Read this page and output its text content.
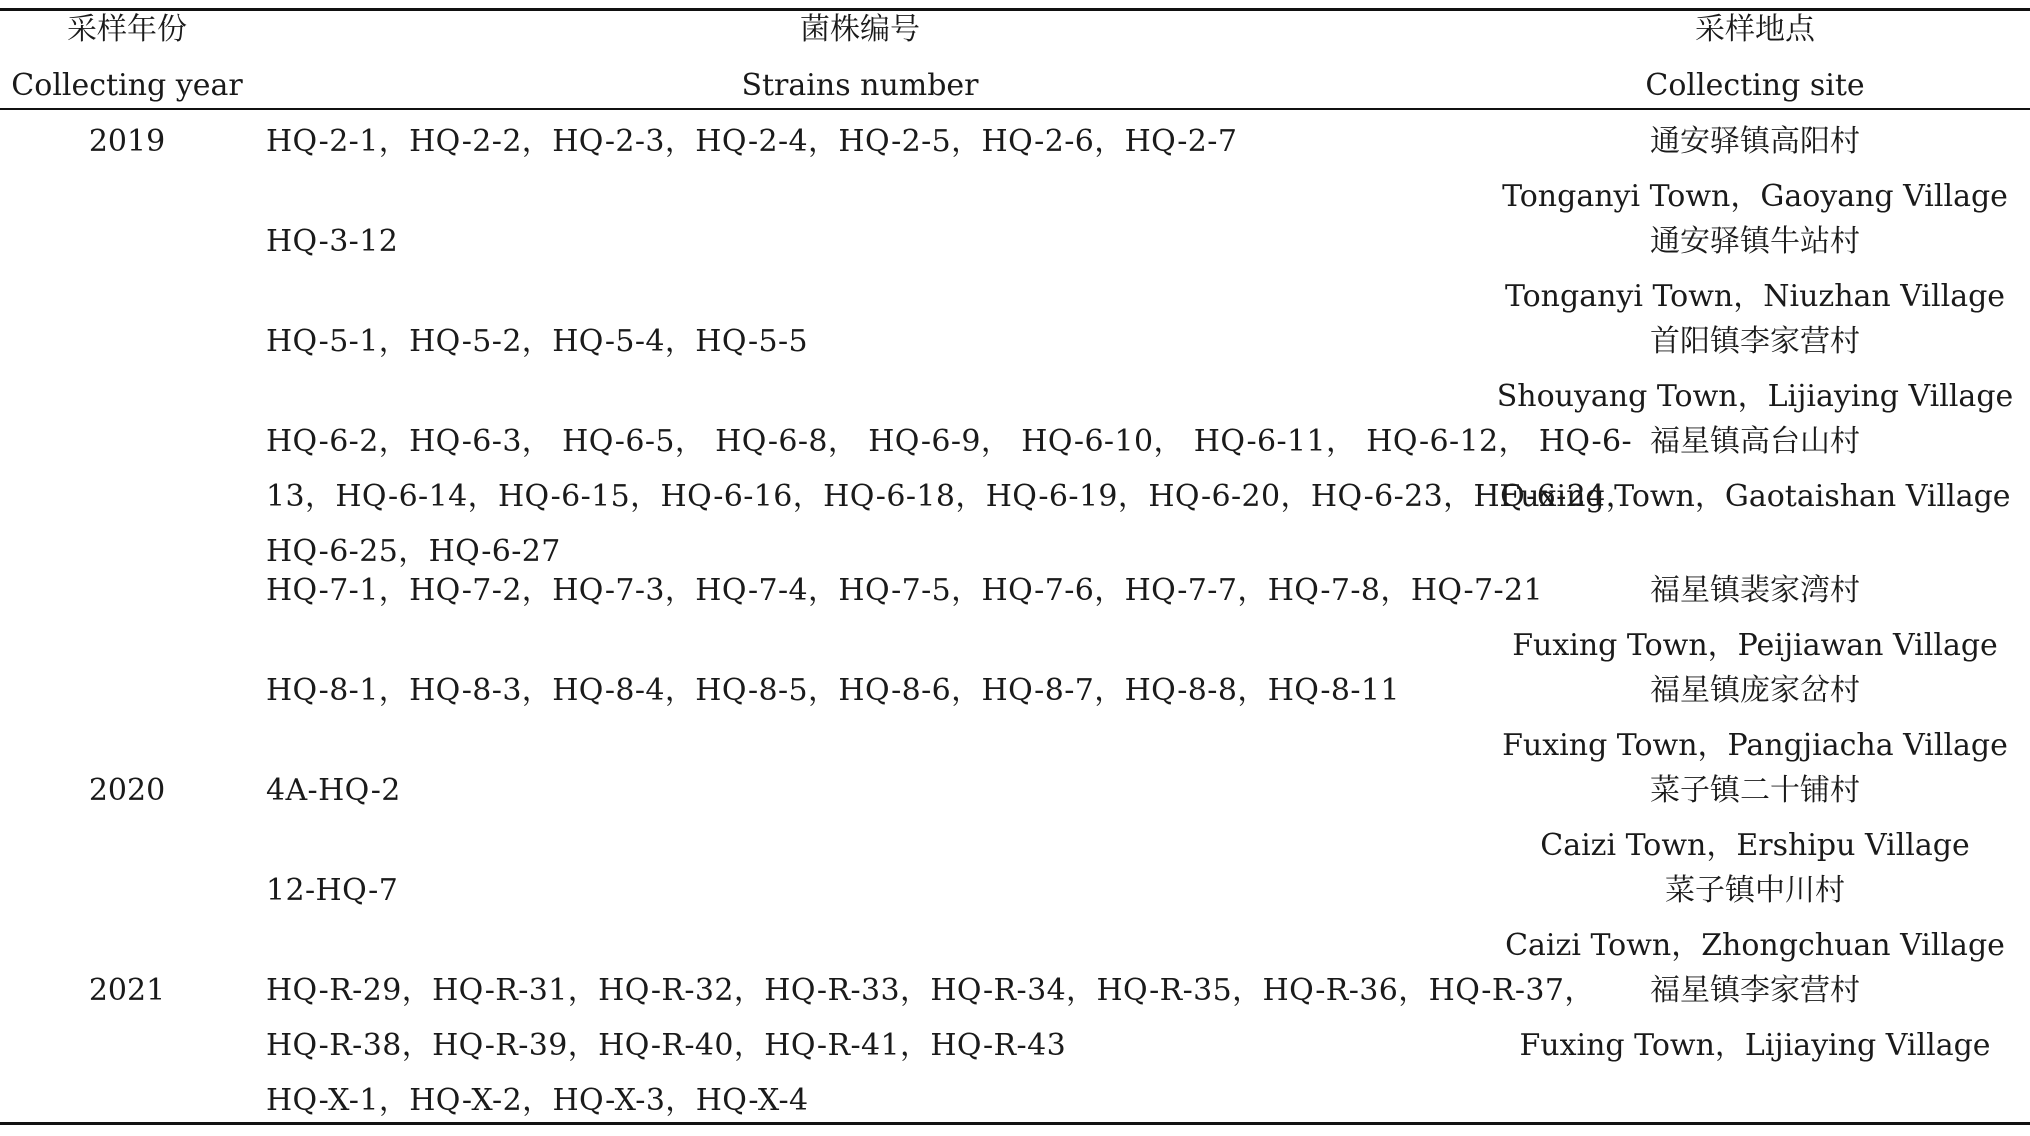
采样年份
Collecting year
菌株编号
Strains number
采样地点
Collecting site
2019
2020
2021
HQ-2-1，HQ-2-2，HQ-2-3，HQ-2-4，HQ-2-5，HQ-2-6，HQ-2-7
HQ-3-12
HQ-5-1，HQ-5-2，HQ-5-4，HQ-5-5
HQ-6-2，HQ-6-3， HQ-6-5， HQ-6-8， HQ-6-9， HQ-6-10， HQ-6-11， HQ-6-12， HQ-6-
13，HQ-6-14，HQ-6-15，HQ-6-16，HQ-6-18，HQ-6-19，HQ-6-20，HQ-6-23，HQ-6-24，
HQ-6-25，HQ-6-27
HQ-7-1，HQ-7-2，HQ-7-3，HQ-7-4，HQ-7-5，HQ-7-6，HQ-7-7，HQ-7-8，HQ-7-21
HQ-8-1，HQ-8-3，HQ-8-4，HQ-8-5，HQ-8-6，HQ-8-7，HQ-8-8，HQ-8-11
4A-HQ-2
12-HQ-7
HQ-R-29，HQ-R-31，HQ-R-32，HQ-R-33，HQ-R-34，HQ-R-35，HQ-R-36，HQ-R-37，
HQ-R-38，HQ-R-39，HQ-R-40，HQ-R-41，HQ-R-43
HQ-X-1，HQ-X-2，HQ-X-3，HQ-X-4
通安驿镇高阳村
Tonganyi Town，Gaoyang Village
通安驿镇牛站村
Tonganyi Town，Niuzhan Village
首阳镇李家营村
Shouyang Town，Lijiaying Village
福星镇高台山村
Fuxing Town，Gaotaishan Village
福星镇裴家湾村
Fuxing Town，Peijiawan Village
福星镇庞家岔村
Fuxing Town，Pangjiacha Village
菜子镇二十铺村
Caizi Town，Ershipu Village
菜子镇中川村
Caizi Town，Zhongchuan Village
福星镇李家营村
Fuxing Town，Lijiaying Village
